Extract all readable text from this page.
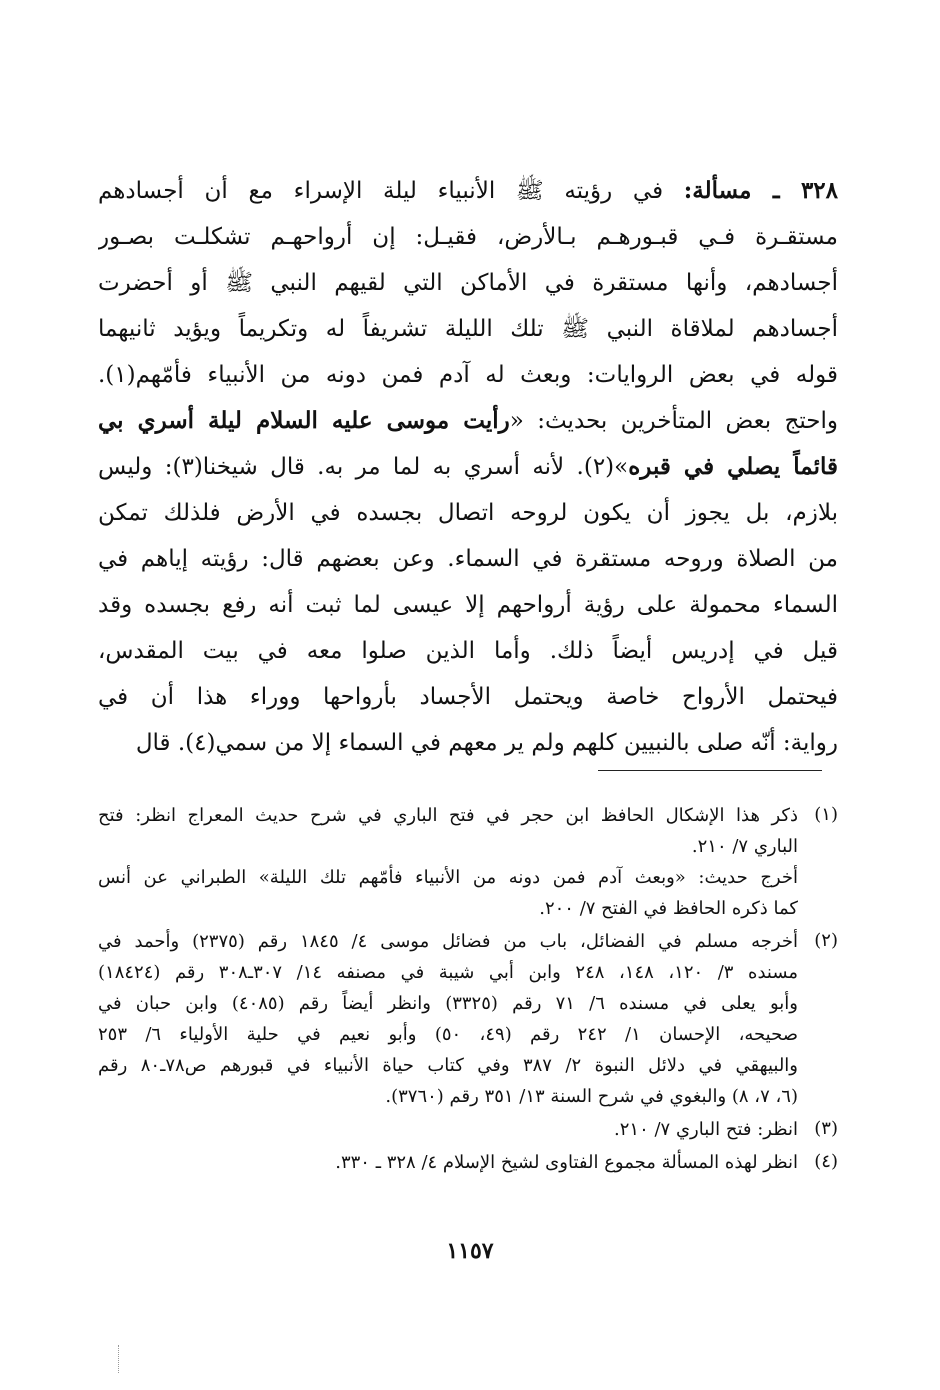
٣٢٨ ـ مسألة: في رؤيته ﷺ الأنبياء ليلة الإسراء مع أن أجسادهم
مستقـرة فـي قبـورهـم بـالأرض، فقيـل: إن أرواحهـم تشكلـت بصـور
أجسادهم، وأنها مستقرة في الأماكن التي لقيهم النبي ﷺ أو أحضرت
أجسادهم لملاقاة النبي ﷺ تلك الليلة تشريفاً له وتكريماً ويؤيد ثانيهما
قوله في بعض الروايات: وبعث له آدم فمن دونه من الأنبياء فأمّهم(١).
واحتج بعض المتأخرين بحديث: «رأيت موسى عليه السلام ليلة أسري بي
قائماً يصلي في قبره»(٢). لأنه أسري به لما مر به. قال شيخنا(٣): وليس
بلازم، بل يجوز أن يكون لروحه اتصال بجسده في الأرض فلذلك تمكن
من الصلاة وروحه مستقرة في السماء. وعن بعضهم قال: رؤيته إياهم في
السماء محمولة على رؤية أرواحهم إلا عيسى لما ثبت أنه رفع بجسده وقد
قيل في إدريس أيضاً ذلك. وأما الذين صلوا معه في بيت المقدس،
فيحتمل الأرواح خاصة ويحتمل الأجساد بأرواحها ووراء هذا أن في
رواية: أنّه صلى بالنبيين كلهم ولم ير معهم في السماء إلا من سمي(٤). قال
(١)
ذكر هذا الإشكال الحافظ ابن حجر في فتح الباري في شرح حديث المعراج انظر: فتح
الباري ٧/ ٢١٠.
أخرج حديث: «وبعث آدم فمن دونه من الأنبياء فأمّهم تلك الليلة» الطبراني عن أنس
كما ذكره الحافظ في الفتح ٧/ ٢٠٠.
(٢)
أخرجه مسلم في الفضائل، باب من فضائل موسى ٤/ ١٨٤٥ رقم (٢٣٧٥) وأحمد في
مسنده ٣/ ١٢٠، ١٤٨، ٢٤٨ وابن أبي شيبة في مصنفه ١٤/ ٣٠٧ـ٣٠٨ رقم (١٨٤٢٤)
وأبو يعلى في مسنده ٦/ ٧١ رقم (٣٣٢٥) وانظر أيضاً رقم (٤٠٨٥) وابن حبان في
صحيحه، الإحسان ١/ ٢٤٢ رقم (٤٩، ٥٠) وأبو نعيم في حلية الأولياء ٦/ ٢٥٣
والبيهقي في دلائل النبوة ٢/ ٣٨٧ وفي كتاب حياة الأنبياء في قبورهم ص٧٨ـ٨٠ رقم
(٦، ٧، ٨) والبغوي في شرح السنة ١٣/ ٣٥١ رقم (٣٧٦٠).
(٣)
انظر: فتح الباري ٧/ ٢١٠.
(٤)
انظر لهذه المسألة مجموع الفتاوى لشيخ الإسلام ٤/ ٣٢٨ ـ ٣٣٠.
١١٥٧
